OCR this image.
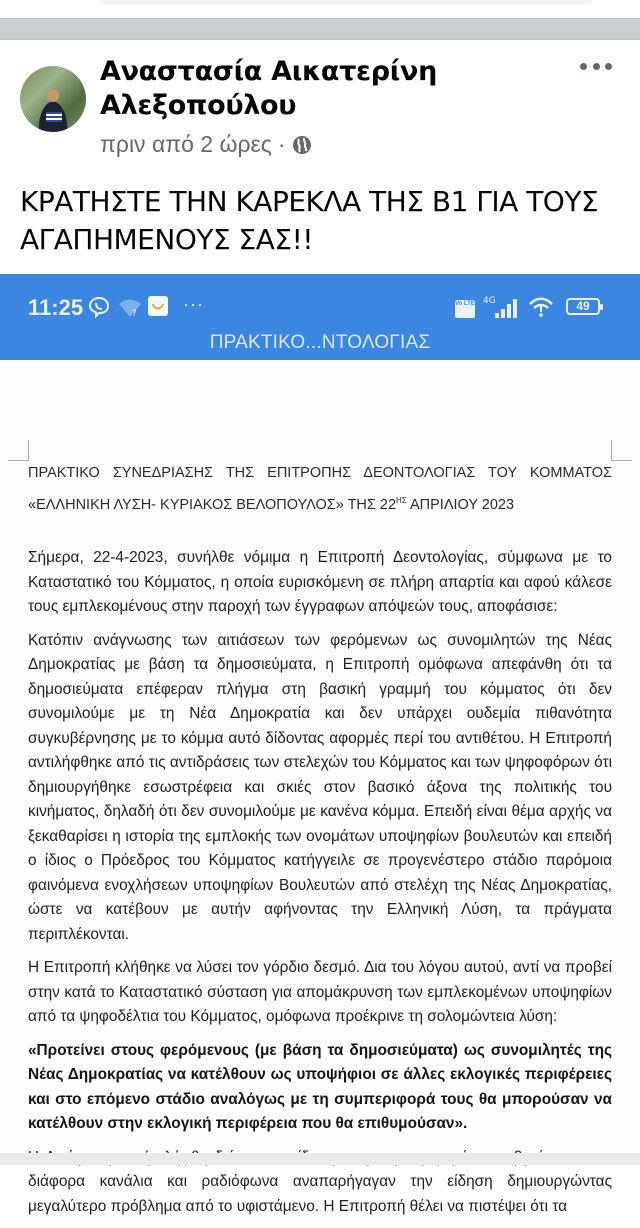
Αναστασία Αικατερίνη Αλεξοπούλου
πριν από 2 ώρες ·
ΚΡΑΤΗΣΤΕ ΤΗΝ ΚΑΡΕΚΛΑ ΤΗΣ Β1 ΓΙΑ ΤΟΥΣ ΑΓΑΠΗΜΕΝΟΥΣ ΣΑΣ!!
11:25	?	···	Vo LTE 4G	49
ΠΡΑΚΤΙΚΟ...ΝΤΟΛΟΓΙΑΣ
ΠΡΑΚΤΙΚΟ ΣΥΝΕΔΡΙΑΣΗΣ ΤΗΣ ΕΠΙΤΡΟΠΗΣ ΔΕΟΝΤΟΛΟΓΙΑΣ ΤΟΥ ΚΟΜΜΑΤΟΣ
«ΕΛΛΗΝΙΚΗ ΛΥΣΗ- ΚΥΡΙΑΚΟΣ ΒΕΛΟΠΟΥΛΟΣ» ΤΗΣ $22^{H\Sigma}$ ΑΠΡΙΛΙΟΥ 2023

Σήμερα, 22-4-2023, συνήλθε νόμιμα η Επιτροπή Δεοντολογίας, σύμφωνα με το Καταστατικό του Κόμματος, η οποία ευρισκόμενη σε πλήρη απαρτία και αφού κάλεσε τους εμπλεκομένους στην παροχή των έγγραφων απόψεών τους, αποφάσισε:

Κατόπιν ανάγνωσης των αιτιάσεων των φερόμενων ως συνομιλητών της Νέας Δημοκρατίας με βάση τα δημοσιεύματα, η Επιτροπή ομόφωνα απεφάνθη ότι τα δημοσιεύματα επέφεραν πλήγμα στη βασική γραμμή του κόμματος ότι δεν συνομιλούμε με τη Νέα Δημοκρατία και δεν υπάρχει ουδεμία πιθανότητα συγκυβέρνησης με το κόμμα αυτό δίδοντας αφορμές περί του αντιθέτου. Η Επιτροπή αντιλήφθηκε από τις αντιδράσεις των στελεχών του Κόμματος και των ψηφοφόρων ότι δημιουργήθηκε εσωστρέφεια και σκιές στον βασικό άξονα της πολιτικής του κινήματος, δηλαδή ότι δεν συνομιλούμε με κανένα κόμμα. Επειδή είναι θέμα αρχής να ξεκαθαρίσει η ιστορία της εμπλοκής των ονομάτων υποψηφίων βουλευτών και επειδή ο ίδιος ο Πρόεδρος του Κόμματος κατήγγειλε σε προγενέστερο στάδιο παρόμοια φαινόμενα ενοχλήσεων υποψηφίων Βουλευτών από στελέχη της Νέας Δημοκρατίας, ώστε να κατέβουν με αυτήν αφήνοντας την Ελληνική Λύση, τα πράγματα περιπλέκονται.

Η Επιτροπή κλήθηκε να λύσει τον γόρδιο δεσμό. Δια του λόγου αυτού, αντί να προβεί στην κατά το Καταστατικό σύσταση για απομάκρυνση των εμπλεκομένων υποψηφίων από τα ψηφοδέλτια του Κόμματος, ομόφωνα προέκρινε τη σολομώντεια λύση:

«Προτείνει στους φερόμενους (με βάση τα δημοσιεύματα) ως συνομιλητές της Νέας Δημοκρατίας να κατέλθουν ως υποψήφιοι σε άλλες εκλογικές περιφέρειες και στο επόμενο στάδιο αναλόγως με τη συμπεριφορά τους θα μπορούσαν να κατέλθουν στην εκλογική περιφέρεια που θα επιθυμούσαν».

διάφορα κανάλια και ραδιόφωνα αναπαρήγαγαν την είδηση δημιουργώντας μεγαλύτερο πρόβλημα από το υφιστάμενο. Η Επιτροπή θέλει να πιστέψει ότι τα
